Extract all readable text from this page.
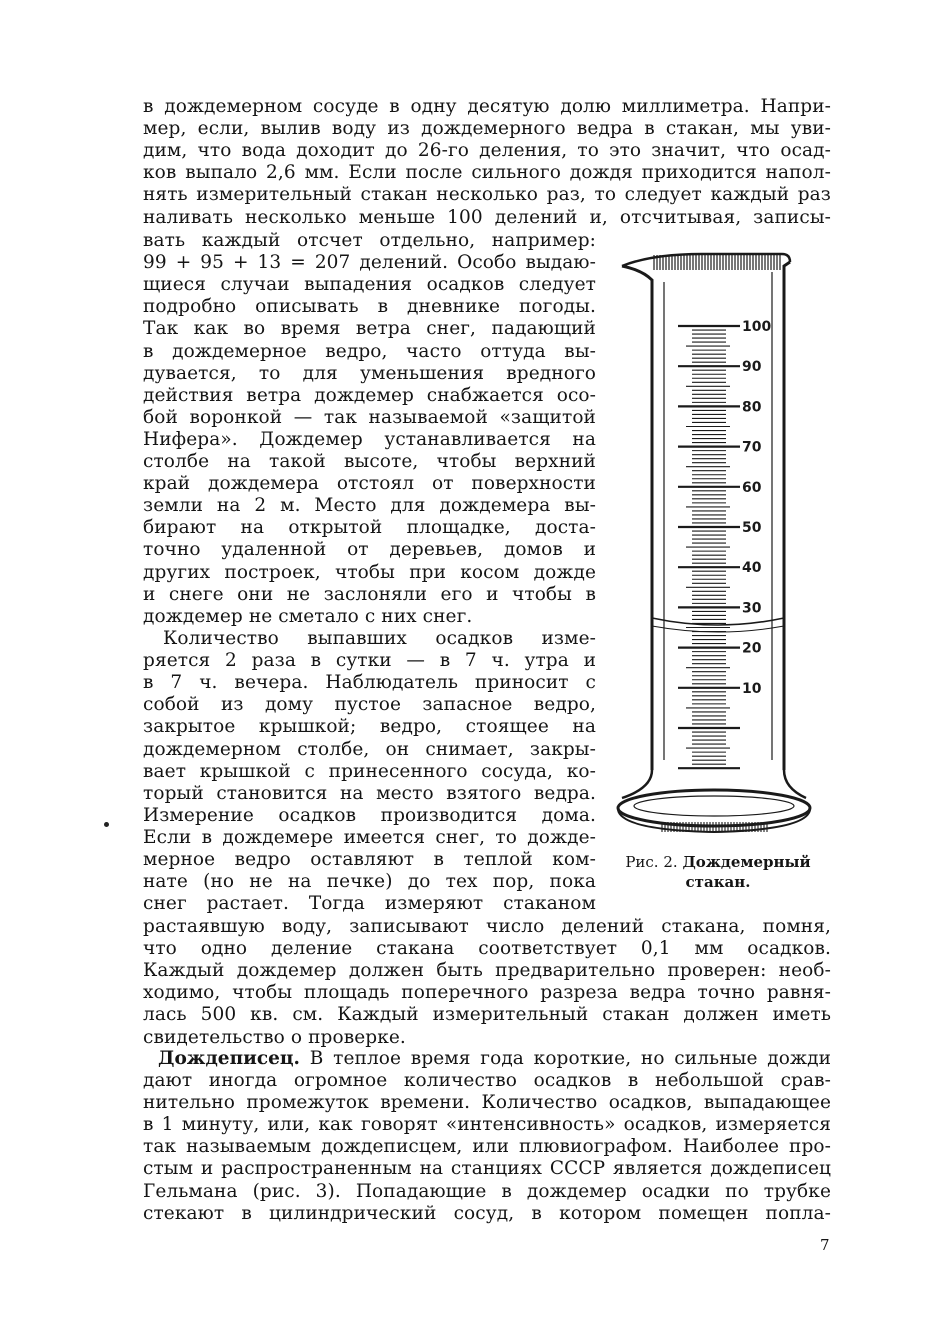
в дождемерном сосуде в одну десятую долю миллиметра. Напри-
мер, если, вылив воду из дождемерного ведра в стакан, мы уви-
дим, что вода доходит до 26-го деления, то это значит, что осад-
ков выпало 2,6 мм. Если после сильного дождя приходится напол-
нять измерительный стакан несколько раз, то следует каждый раз
наливать несколько меньше 100 делений и, отсчитывая, записы-
вать каждый отсчет отдельно, например:
99 + 95 + 13 = 207 делений. Особо выдаю-
щиеся случаи выпадения осадков следует
подробно описывать в дневнике погоды.
Так как во время ветра снег, падающий
в дождемерное ведро, часто оттуда вы-
дувается, то для уменьшения вредного
действия ветра дождемер снабжается осо-
бой воронкой — так называемой «защитой
Нифера». Дождемер устанавливается на
столбе на такой высоте, чтобы верхний
край дождемера отстоял от поверхности
земли на 2 м. Место для дождемера вы-
бирают на открытой площадке, доста-
точно удаленной от деревьев, домов и
других построек, чтобы при косом дожде
и снеге они не заслоняли его и чтобы в
дождемер не сметало с них снег.
Количество выпавших осадков изме-
ряется 2 раза в сутки — в 7 ч. утра и
в 7 ч. вечера. Наблюдатель приносит с
собой из дому пустое запасное ведро,
закрытое крышкой; ведро, стоящее на
дождемерном столбе, он снимает, закры-
вает крышкой с принесенного сосуда, ко-
торый становится на место взятого ведра.
Измерение осадков производится дома.
Если в дождемере имеется снег, то дожде-
мерное ведро оставляют в теплой ком-
нате (но не на печке) до тех пор, пока
снег растает. Тогда измеряют стаканом
растаявшую воду, записывают число делений стакана, помня,
что одно деление стакана соответствует 0,1 мм осадков.
Каждый дождемер должен быть предварительно проверен: необ-
ходимо, чтобы площадь поперечного разреза ведра точно равня-
лась 500 кв. см. Каждый измерительный стакан должен иметь
свидетельство о проверке.
Дождеписец. В теплое время года короткие, но сильные дожди
дают иногда огромное количество осадков в небольшой срав-
нительно промежуток времени. Количество осадков, выпадающее
в 1 минуту, или, как говорят «интенсивность» осадков, измеряется
так называемым дождеписцем, или плювиографом. Наиболее про-
стым и распространенным на станциях СССР является дождеписец
Гельмана (рис. 3). Попадающие в дождемер осадки по трубке
стекают в цилиндрический сосуд, в котором помещен попла-
100
90
80
70
60
50
40
30
20
10
Рис. 2. Дождемерный
стакан.
7
